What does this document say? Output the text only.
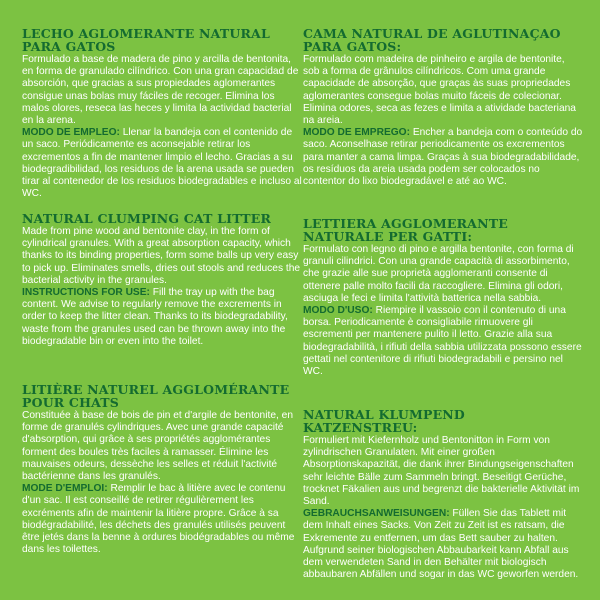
LECHO AGLOMERANTE NATURAL
PARA GATOS

Formulado a base de madera de pino y arcilla de bentonita, en forma de granulado cilíndrico. Con una gran capacidad de absorción, que gracias a sus propiedades aglomerantes consigue unas bolas muy fáciles de recoger. Elimina los malos olores, reseca las heces y limita la actividad bacterial en la arena.

MODO DE EMPLEO: Llenar la bandeja con el contenido de un saco. Periódicamente es aconsejable retirar los excrementos a fin de mantener limpio el lecho. Gracias a su biodegradibilidad, los residuos de la arena usada se pueden tirar al contenedor de los residuos biodegradables e incluso al WC.

NATURAL CLUMPING CAT LITTER

Made from pine wood and bentonite clay, in the form of cylindrical granules. With a great absorption capacity, which thanks to its binding properties, form some balls up very easy to pick up. Eliminates smells, dries out stools and reduces the bacterial activity in the granules.

INSTRUCTIONS FOR USE: Fill the tray up with the bag content. We advise to regularly remove the excrements in order to keep the litter clean. Thanks to its biodegradability, waste from the granules used can be thrown away into the biodegradable bin or even into the toilet.

LITIÈRE NATUREL AGGLOMÉRANTE
POUR CHATS

Constituée à base de bois de pin et d'argile de bentonite, en forme de granulés cylindriques. Avec une grande capacité d'absorption, qui grâce à ses propriétés agglomérantes forment des boules très faciles à ramasser. Élimine les mauvaises odeurs, dessèche les selles et réduit l'activité bactérienne dans les granulés.

MODE D'EMPLOI: Remplir le bac à litière avec le contenu d'un sac. Il est conseillé de retirer régulièrement les excréments afin de maintenir la litière propre. Grâce à sa biodégradabilité, les déchets des granulés utilisés peuvent être jetés dans la benne à ordures biodégradables ou même dans les toilettes.

CAMA NATURAL DE AGLUTINAÇAO
PARA GATOS:

Formulado com madeira de pinheiro e argila de bentonite, sob a forma de grânulos cilíndricos. Com uma grande capacidade de absorção, que graças às suas propriedades aglomerantes consegue bolas muito fáceis de colecionar. Elimina odores, seca as fezes e limita a atividade bacteriana na areia.

MODO DE EMPREGO: Encher a bandeja com o conteúdo do saco. Aconselhase retirar periodicamente os excrementos para manter a cama limpa. Graças à sua biodegradabilidade, os resíduos da areia usada podem ser colocados no contentor do lixo biodegradável e até ao WC.

LETTIERA AGGLOMERANTE
NATURALE PER GATTI:

Formulato con legno di pino e argilla bentonite, con forma di granuli cilindrici. Con una grande capacità di assorbimento, che grazie alle sue proprietà agglomeranti consente di ottenere palle molto facili da raccogliere. Elimina gli odori, asciuga le feci e limita l'attività batterica nella sabbia.

MODO D'USO: Riempire il vassoio con il contenuto di una borsa. Periodicamente è consigliabile rimuovere gli escrementi per mantenere pulito il letto. Grazie alla sua biodegradabilità, i rifiuti della sabbia utilizzata possono essere gettati nel contenitore di rifiuti biodegradabili e persino nel WC.

NATURAL KLUMPEND KATZENSTREU:

Formuliert mit Kiefernholz und Bentonitton in Form von zylindrischen Granulaten. Mit einer großen Absorptionskapazität, die dank ihrer Bindungseigenschaften sehr leichte Bälle zum Sammeln bringt. Beseitigt Gerüche, trocknet Fäkalien aus und begrenzt die bakterielle Aktivität im Sand.

GEBRAUCHSANWEISUNGEN: Füllen Sie das Tablett mit dem Inhalt eines Sacks. Von Zeit zu Zeit ist es ratsam, die Exkremente zu entfernen, um das Bett sauber zu halten. Aufgrund seiner biologischen Abbaubarkeit kann Abfall aus dem verwendeten Sand in den Behälter mit biologisch abbaubaren Abfällen und sogar in das WC geworfen werden.
